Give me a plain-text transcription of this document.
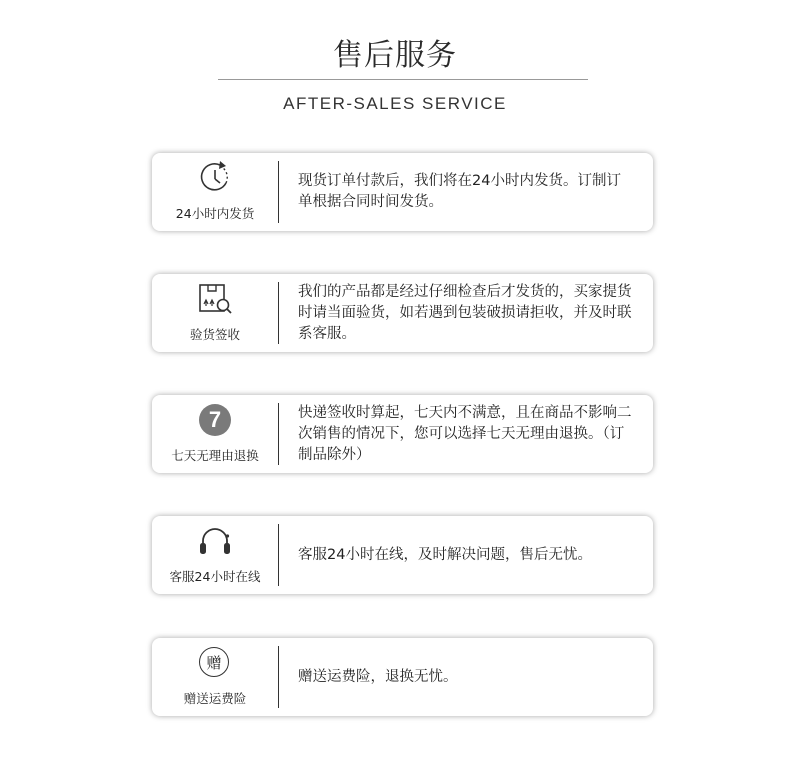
售后服务
AFTER-SALES SERVICE
24小时内发货
现货订单付款后，我们将在24小时内发货。订制订单根据合同时间发货。
验货签收
我们的产品都是经过仔细检查后才发货的，买家提货时请当面验货，如若遇到包装破损请拒收，并及时联系客服。
7
七天无理由退换
快递签收时算起，七天内不满意，且在商品不影响二次销售的情况下，您可以选择七天无理由退换。（订制品除外）
客服24小时在线
客服24小时在线，及时解决问题，售后无忧。
赠
赠送运费险
赠送运费险，退换无忧。
